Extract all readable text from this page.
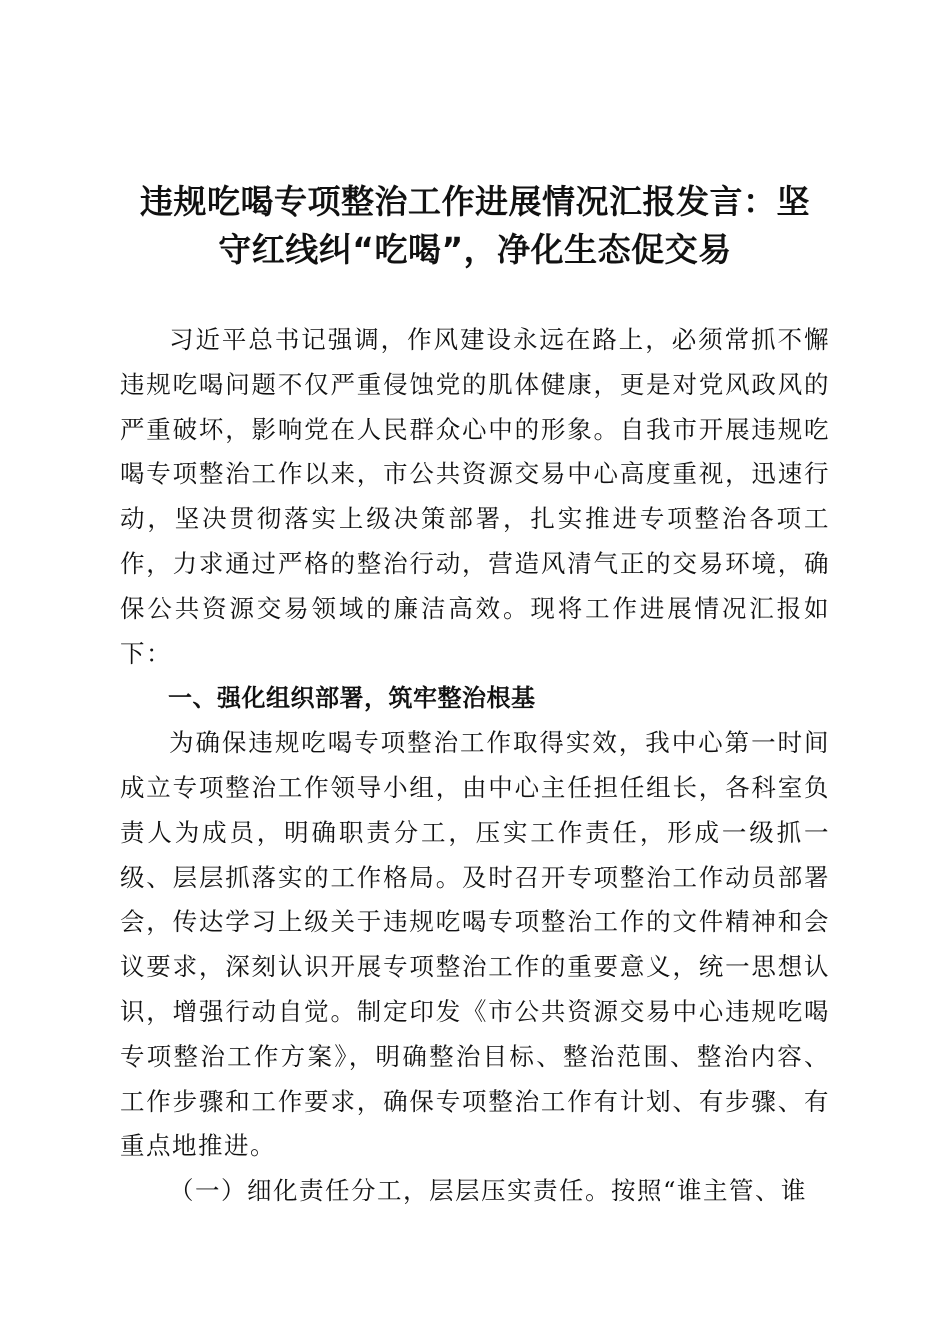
违规吃喝专项整治工作进展情况汇报发言：坚
守红线纠“吃喝”，净化生态促交易

习近平总书记强调，作风建设永远在路上，必须常抓不懈违规吃喝问题不仅严重侵蚀党的肌体健康，更是对党风政风的严重破坏，影响党在人民群众心中的形象。自我市开展违规吃喝专项整治工作以来，市公共资源交易中心高度重视，迅速行动，坚决贯彻落实上级决策部署，扎实推进专项整治各项工作，力求通过严格的整治行动，营造风清气正的交易环境，确保公共资源交易领域的廉洁高效。现将工作进展情况汇报如下：

一、强化组织部署，筑牢整治根基

为确保违规吃喝专项整治工作取得实效，我中心第一时间成立专项整治工作领导小组，由中心主任担任组长，各科室负责人为成员，明确职责分工，压实工作责任，形成一级抓一级、层层抓落实的工作格局。及时召开专项整治工作动员部署会，传达学习上级关于违规吃喝专项整治工作的文件精神和会议要求，深刻认识开展专项整治工作的重要意义，统一思想认识，增强行动自觉。制定印发《市公共资源交易中心违规吃喝专项整治工作方案》，明确整治目标、整治范围、整治内容、工作步骤和工作要求，确保专项整治工作有计划、有步骤、有重点地推进。

（一）细化责任分工，层层压实责任。按照“谁主管、谁
